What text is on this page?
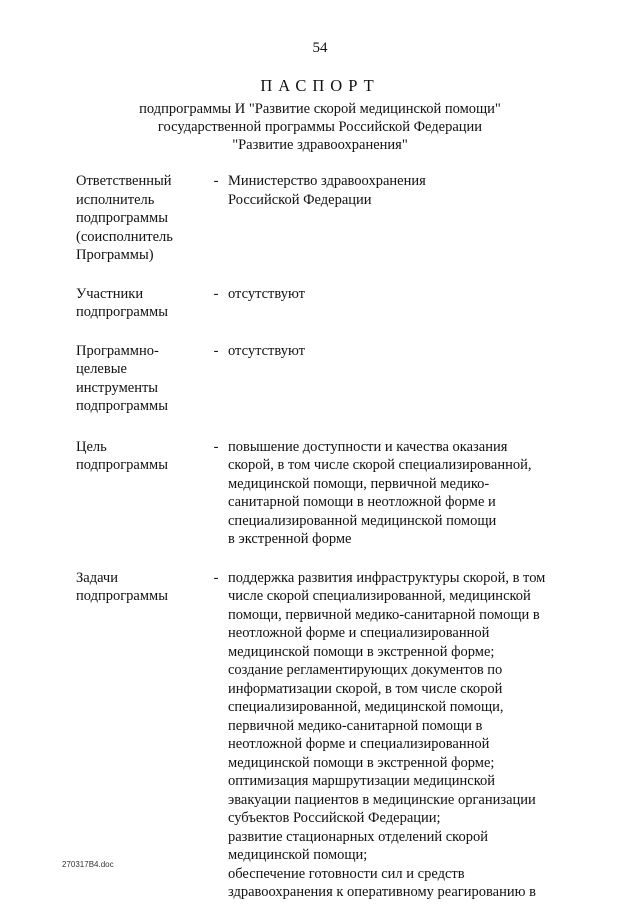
54
ПАСПОРТ
подпрограммы И "Развитие скорой медицинской помощи"
государственной программы Российской Федерации
"Развитие здравоохранения"
Ответственный
исполнитель
подпрограммы
(соисполнитель
Программы)
- Министерство здравоохранения
Российской Федерации
Участники
подпрограммы
- отсутствуют
Программно-
целевые
инструменты
подпрограммы
- отсутствуют
Цель
подпрограммы
- повышение доступности и качества оказания
скорой, в том числе скорой специализированной,
медицинской помощи, первичной медико-
санитарной помощи в неотложной форме и
специализированной медицинской помощи
в экстренной форме
Задачи
подпрограммы
- поддержка развития инфраструктуры скорой, в том
числе скорой специализированной, медицинской
помощи, первичной медико-санитарной помощи в
неотложной форме и специализированной
медицинской помощи в экстренной форме;
создание регламентирующих документов по
информатизации скорой, в том числе скорой
специализированной, медицинской помощи,
первичной медико-санитарной помощи в
неотложной форме и специализированной
медицинской помощи в экстренной форме;
оптимизация маршрутизации медицинской
эвакуации пациентов в медицинские организации
субъектов Российской Федерации;
развитие стационарных отделений скорой
медицинской помощи;
обеспечение готовности сил и средств
здравоохранения к оперативному реагированию в
270317В4.doc
